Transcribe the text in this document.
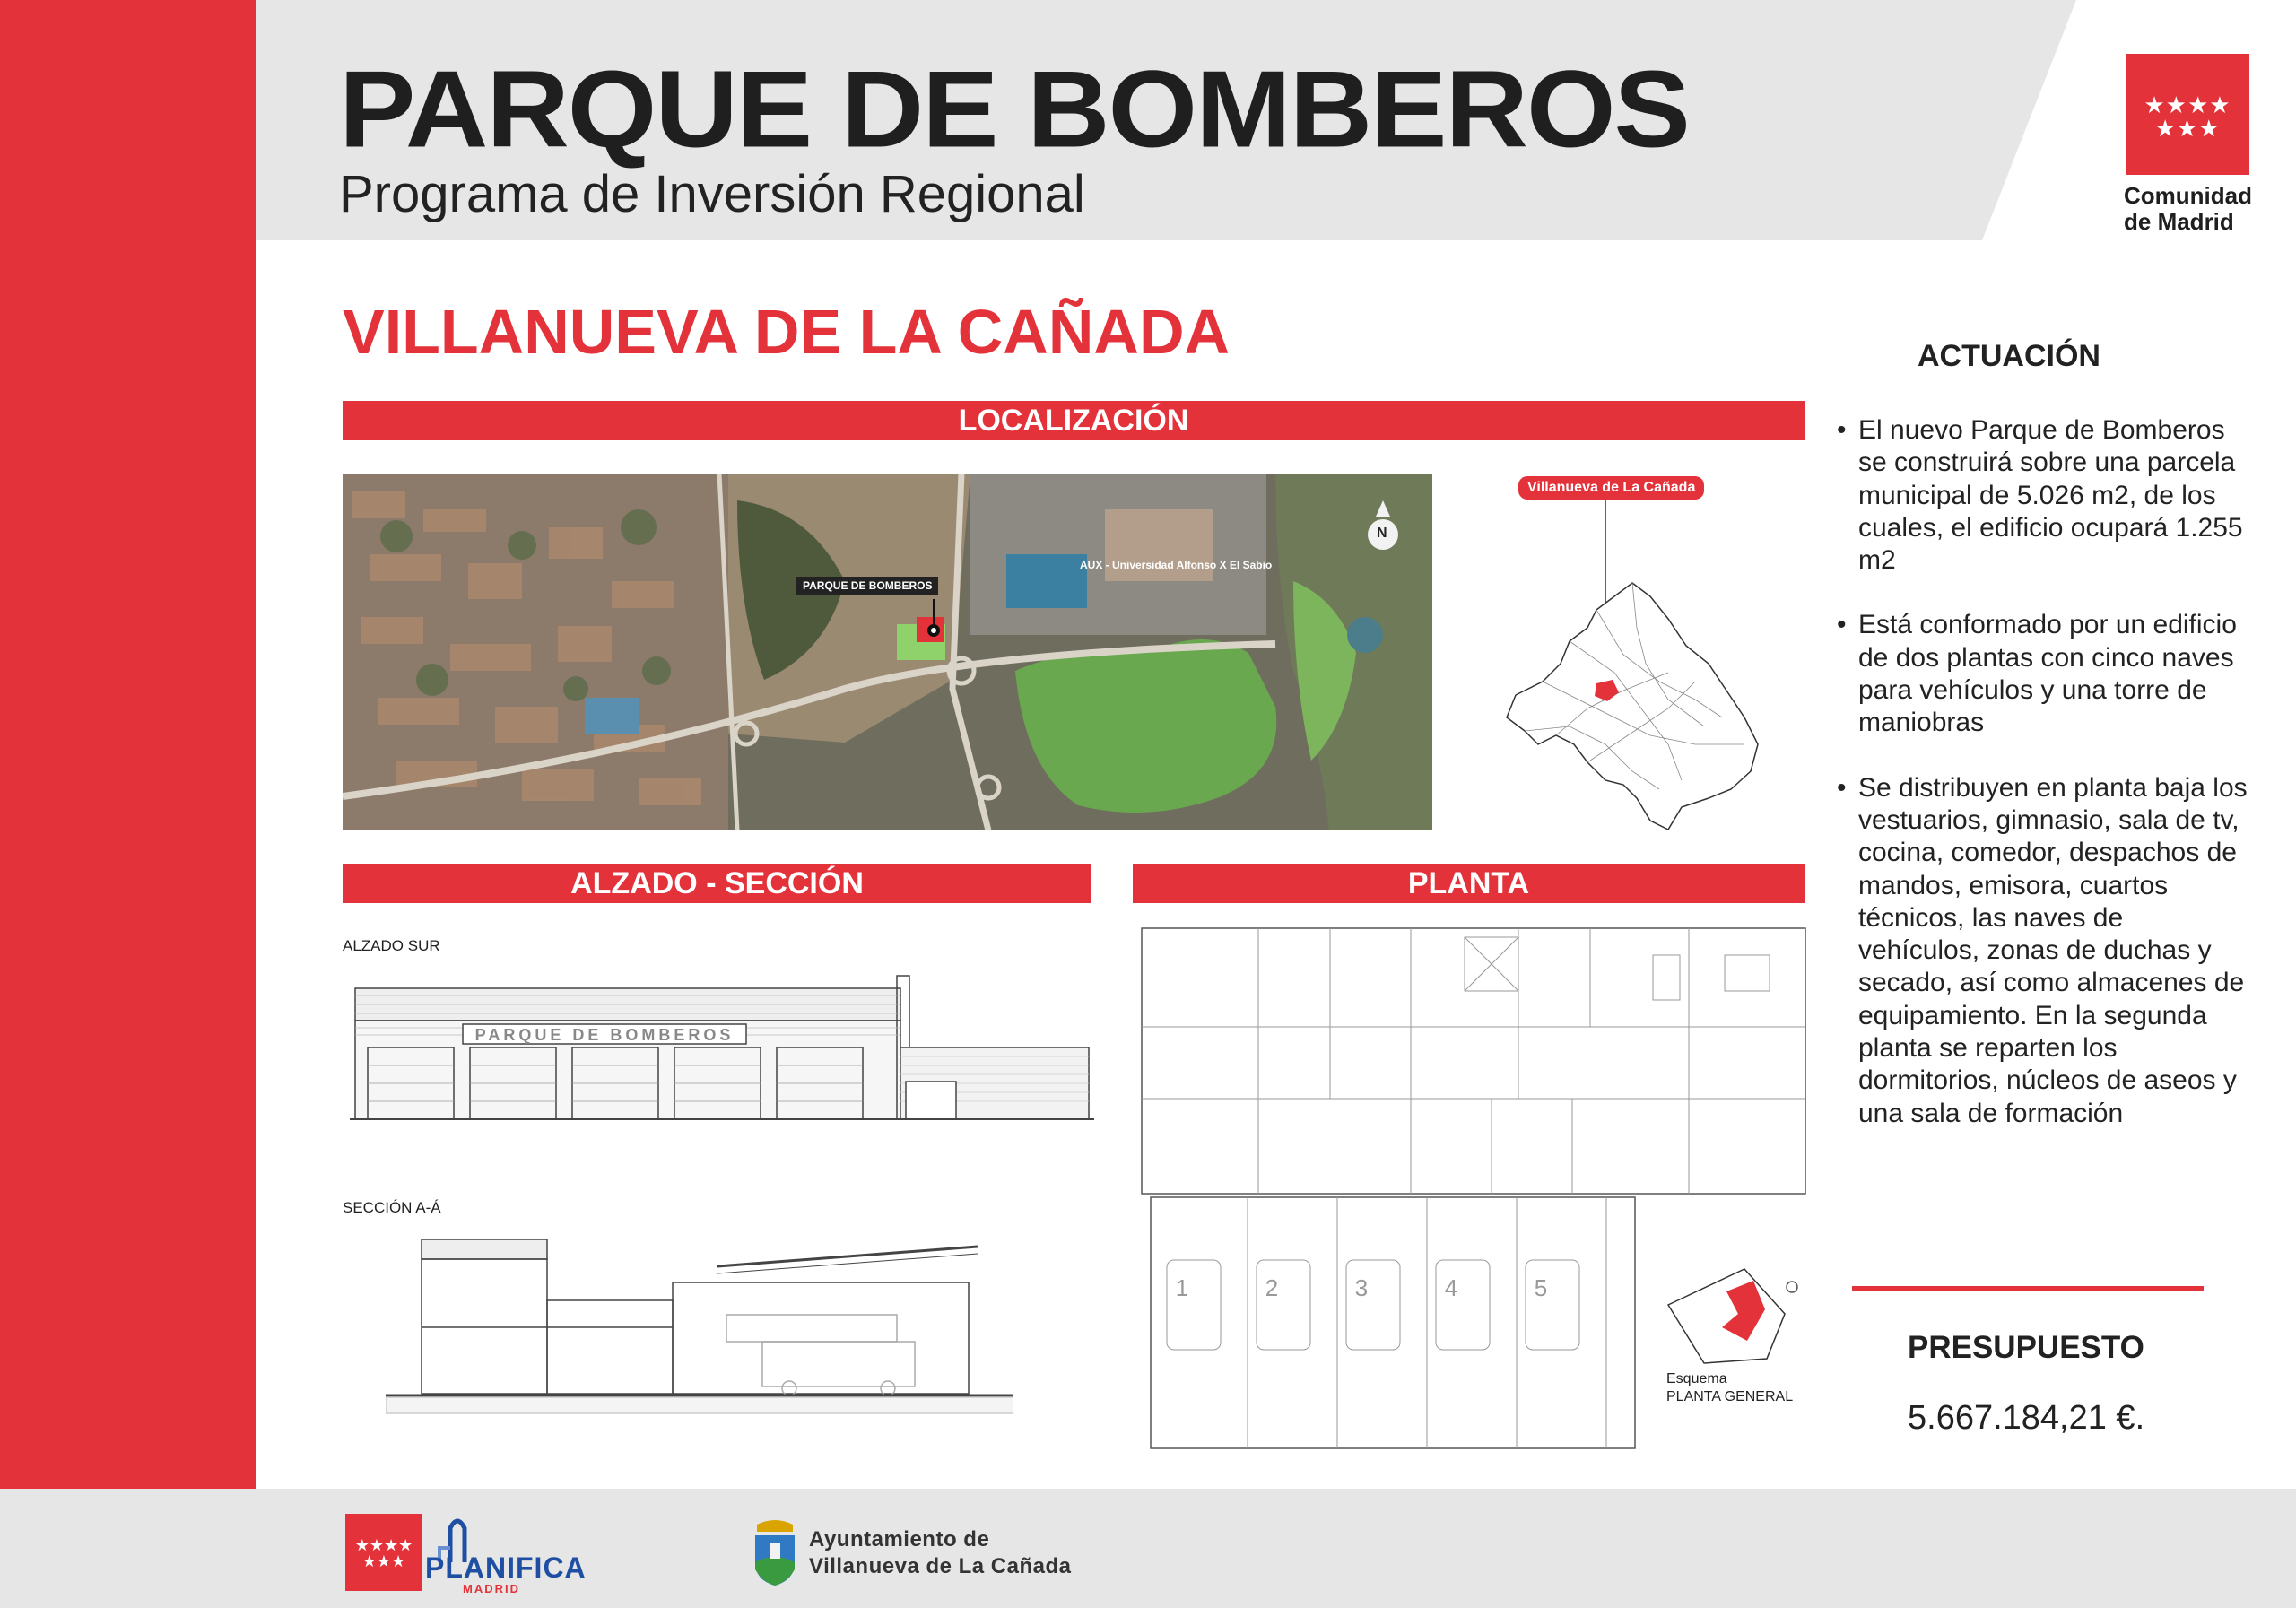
PARQUE DE BOMBEROS
Programa de Inversión Regional
★★★★
★★★
Comunidad
de Madrid
VILLANUEVA DE LA CAÑADA
LOCALIZACIÓN
PARQUE DE BOMBEROS
AUX - Universidad Alfonso X El Sabio
N
Villanueva de La Cañada
ALZADO - SECCIÓN	PLANTA
ALZADO SUR
PARQUE DE BOMBEROS
SECCIÓN A-Á
1	2	3	4	5
Esquema
PLANTA GENERAL
ACTUACIÓN
• El nuevo Parque de Bomberos se construirá sobre una parcela municipal de 5.026 m2, de los cuales, el edificio ocupará 1.255 m2
• Está conformado por un edificio de dos plantas con cinco naves para vehículos y una torre de maniobras
• Se distribuyen en planta baja los vestuarios, gimnasio, sala de tv, cocina, comedor, despachos de mandos, emisora, cuartos técnicos, las naves de vehículos, zonas de duchas y secado, así como almacenes de equipamiento. En la segunda planta se reparten los dormitorios, núcleos de aseos y una sala de formación
PRESUPUESTO
5.667.184,21 €.
★★★★
★★★ PLANIFICA
MADRID
Ayuntamiento de
Villanueva de La Cañada
